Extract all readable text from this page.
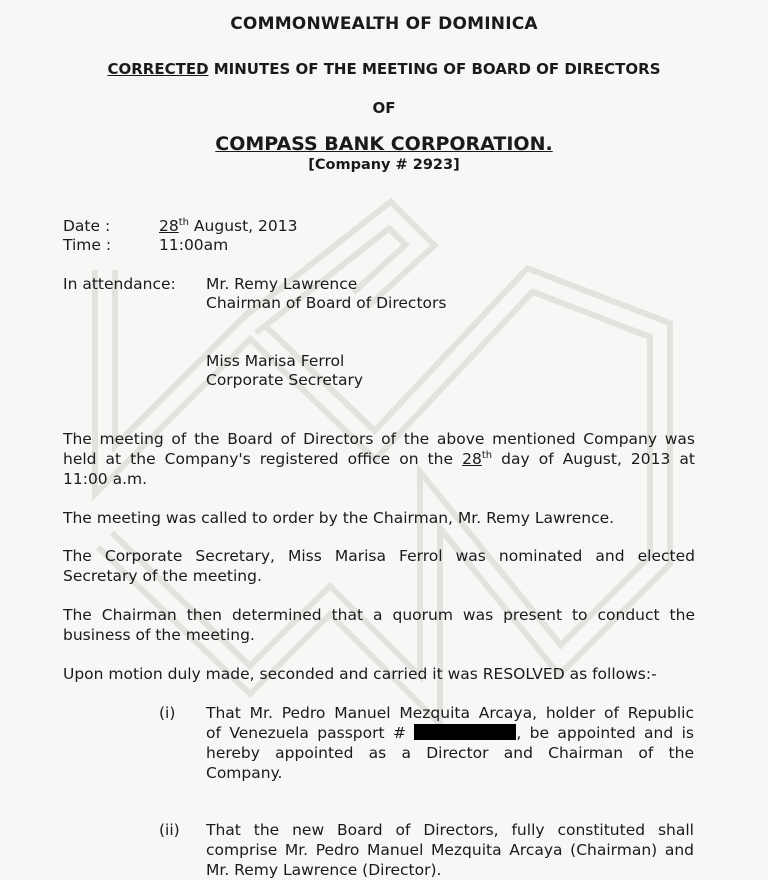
COMMONWEALTH OF DOMINICA
CORRECTED MINUTES OF THE MEETING OF BOARD OF DIRECTORS
OF
COMPASS BANK CORPORATION.
[Company # 2923]
Date :	28th August, 2013
Time :	11:00am
In attendance: Mr. Remy Lawrence
Chairman of Board of Directors
Miss Marisa Ferrol
Corporate Secretary
The meeting of the Board of Directors of the above mentioned Company was
held at the Company's registered office on the 28th day of August, 2013 at
11:00 a.m.
The meeting was called to order by the Chairman, Mr. Remy Lawrence.
The Corporate Secretary, Miss Marisa Ferrol was nominated and elected
Secretary of the meeting.
The Chairman then determined that a quorum was present to conduct the
business of the meeting.
Upon motion duly made, seconded and carried it was RESOLVED as follows:-
(i) That Mr. Pedro Manuel Mezquita Arcaya, holder of Republic
of Venezuela passport #	, be appointed and is
hereby appointed as a Director and Chairman of the
Company.
(ii) That the new Board of Directors, fully constituted shall
comprise Mr. Pedro Manuel Mezquita Arcaya (Chairman) and
Mr. Remy Lawrence (Director).
